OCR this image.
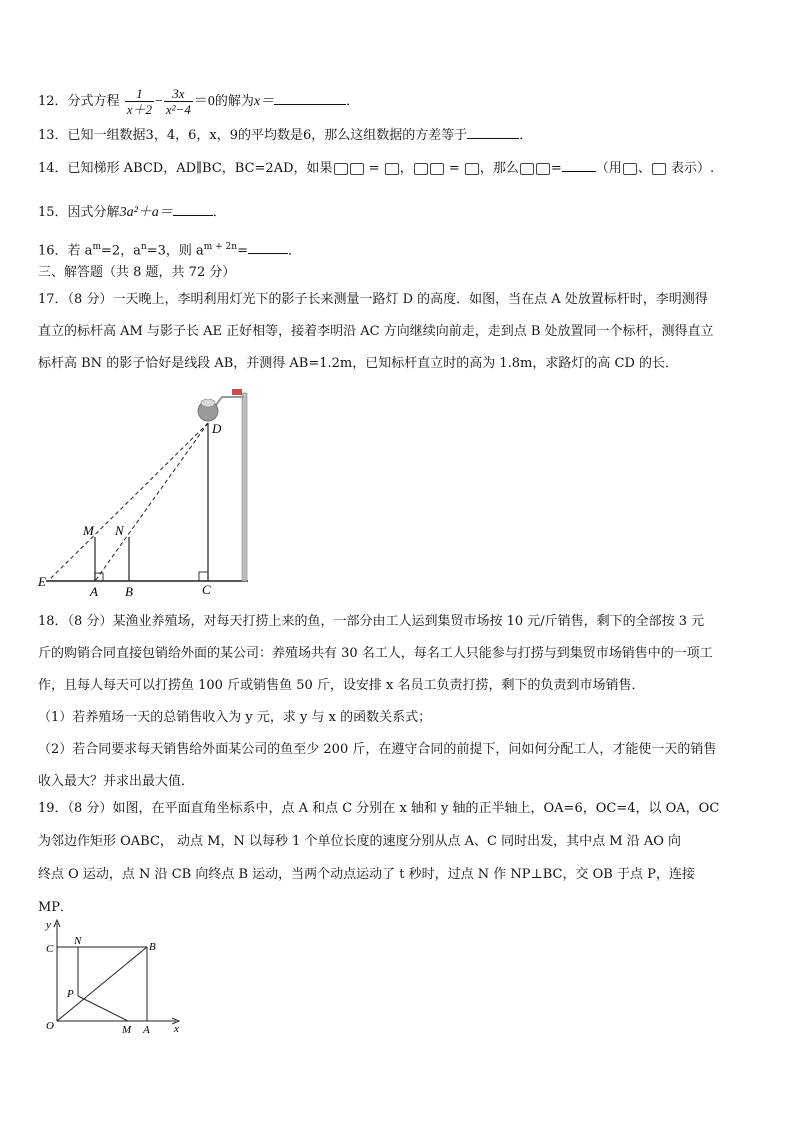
12．分式方程 $\frac{1}{x+2} - \frac{3x}{\text{x²−4}} =0$的解为x＝	．
13．已知一组数据3，4，6，x，9的平均数是6，那么这组数据的方差等于	．
14．已知梯形 ABCD，AD∥BC，BC=2AD，如果 = ， = ，那么 =	（用 、 表示）.
15．因式分解3a²＋a＝	．
16．若 $a^m=2$，$a^n=3$，则 $a^{m + 2n}=$	．
三、解答题（共 8 题，共 72 分）
17．（8 分）一天晚上，李明利用灯光下的影子长来测量一路灯 D 的高度．如图，当在点 A 处放置标杆时，李明测得
直立的标杆高 AM 与影子长 AE 正好相等，接着李明沿 AC 方向继续向前走，走到点 B 处放置同一个标杆，测得直立
标杆高 BN 的影子恰好是线段 AB，并测得 AB=1.2m，已知标杆直立时的高为 1.8m，求路灯的高 CD 的长．
D
M N
E
A B	C
18．（8 分）某渔业养殖场，对每天打捞上来的鱼，一部分由工人运到集贸市场按 10 元/斤销售，剩下的全部按 3 元
斤的购销合同直接包销给外面的某公司：养殖场共有 30 名工人，每名工人只能参与打捞与到集贸市场销售中的一项工
作，且每人每天可以打捞鱼 100 斤或销售鱼 50 斤，设安排 x 名员工负责打捞，剩下的负责到市场销售．
（1）若养殖场一天的总销售收入为 y 元，求 y 与 x 的函数关系式；
（2）若合同要求每天销售给外面某公司的鱼至少 200 斤，在遵守合同的前提下，问如何分配工人，才能使一天的销售
收入最大？并求出最大值．
19．（8 分）如图，在平面直角坐标系中，点 A 和点 C 分别在 x 轴和 y 轴的正半轴上，OA=6，OC=4，以 OA，OC
为邻边作矩形 OABC， 动点 M，N 以每秒 1 个单位长度的速度分别从点 A、C 同时出发，其中点 M 沿 AO 向
终点 O 运动，点 N 沿 CB 向终点 B 运动，当两个动点运动了 t 秒时，过点 N 作 NP⊥BC，交 OB 于点 P，连接
MP．
y
x
C
N	B
P
O	M A
